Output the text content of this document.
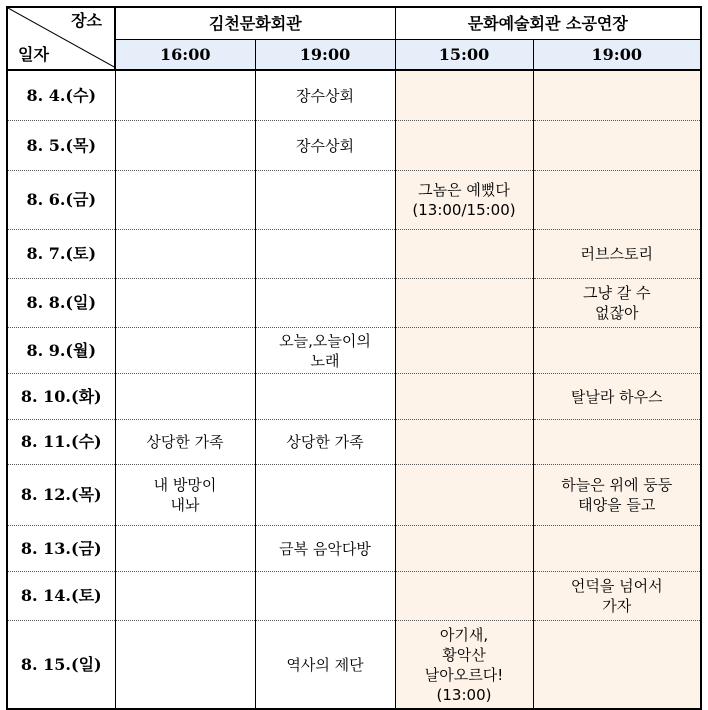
장소
일자	김천문화회관		문화예술회관 소공연장	
	16:00	19:00	15:00	19:00
8. 4.(수)		장수상회		
8. 5.(목)		장수상회		
8. 6.(금)			그놈은 예뻤다
(13:00/15:00)	
8. 7.(토)				러브스토리
8. 8.(일)				그냥 갈 수
없잖아
8. 9.(월)		오늘,오늘이의
노래		
8. 10.(화)				탈날라 하우스
8. 11.(수)	상당한 가족	상당한 가족		
8. 12.(목)	내 방망이
내놔			하늘은 위에 둥둥
태양을 들고
8. 13.(금)		금복 음악다방		
8. 14.(토)				언덕을 넘어서
가자
8. 15.(일)		역사의 제단	아기새,
황악산
날아오르다!
(13:00)	
